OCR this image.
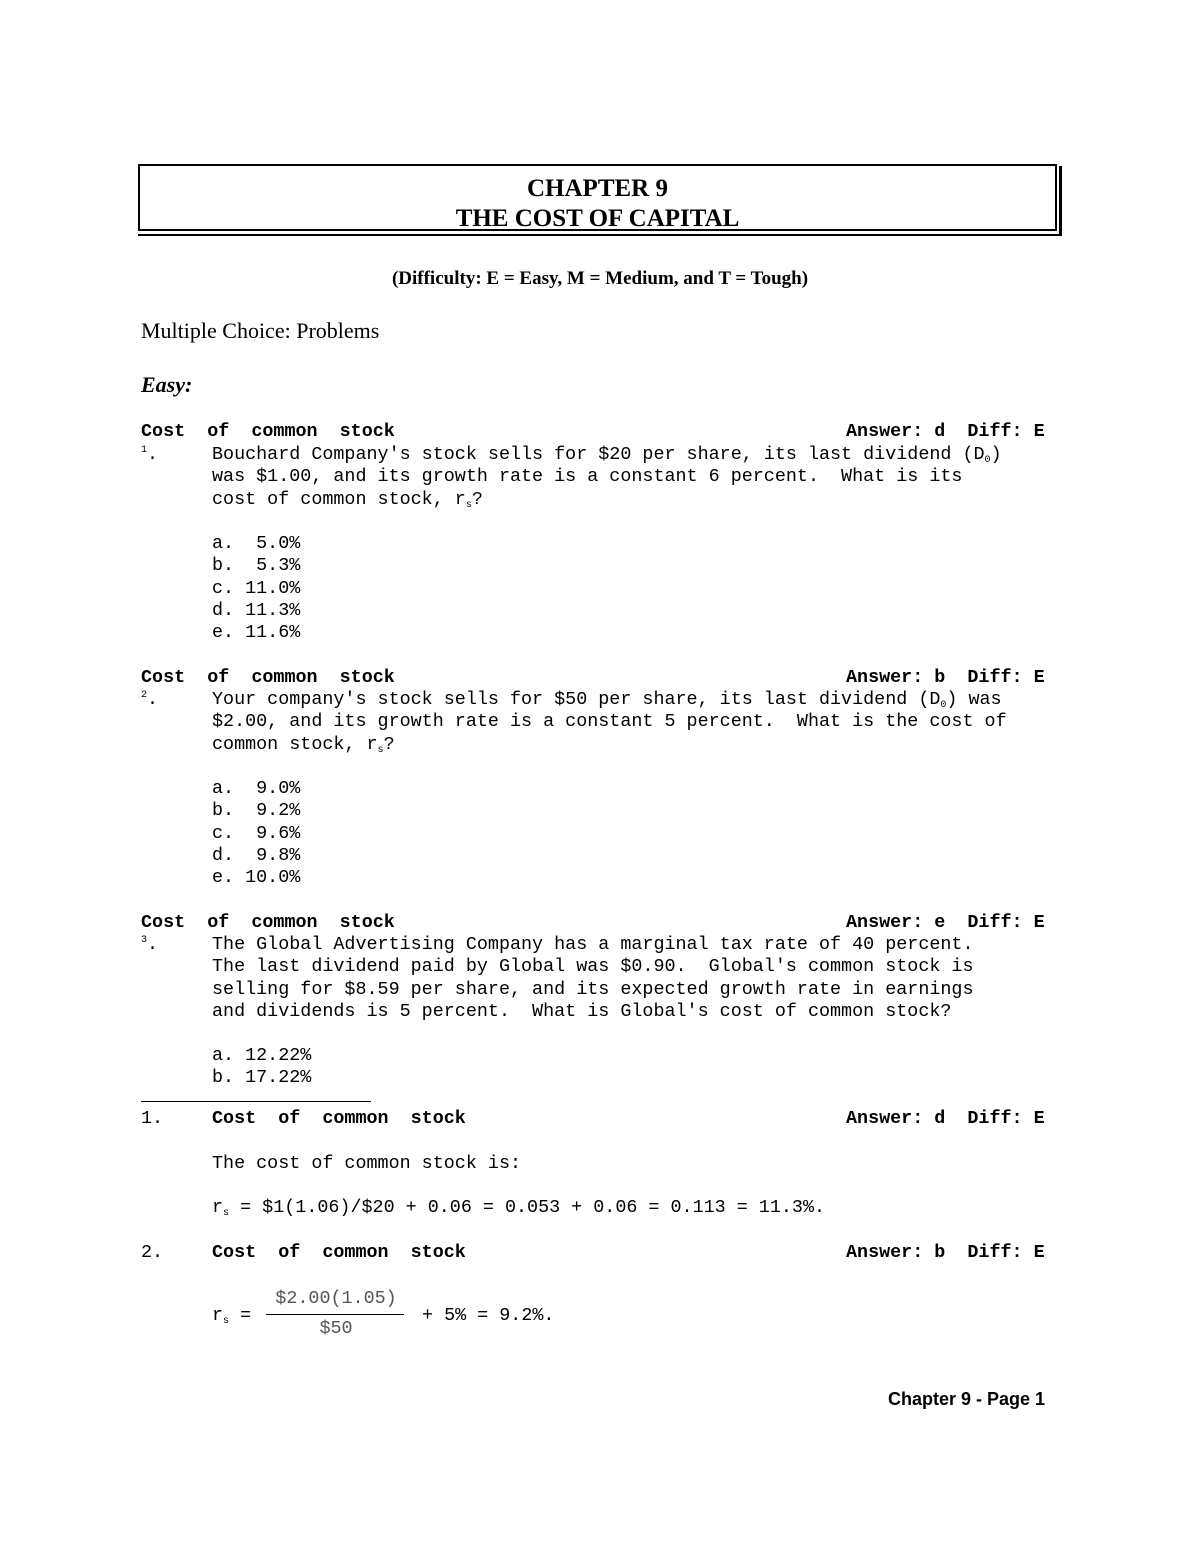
CHAPTER 9
THE COST OF CAPITAL
(Difficulty: E = Easy, M = Medium, and T = Tough)
Multiple Choice: Problems
Easy:
Cost  of  common  stock	Answer: d  Diff: E
$^1$.	Bouchard Company's stock sells for $20 per share, its last dividend $(D_0)$
was $1.00, and its growth rate is a constant 6 percent.  What is its
cost of common stock, $r_s$?
a.  5.0%
b.  5.3%
c. 11.0%
d. 11.3%
e. 11.6%
Cost  of  common  stock	Answer: b  Diff: E
$^2$.	Your company's stock sells for $50 per share, its last dividend $(D_0)$ was
$2.00, and its growth rate is a constant 5 percent.  What is the cost of
common stock, $r_s$?
a.  9.0%
b.  9.2%
c.  9.6%
d.  9.8%
e. 10.0%
Cost  of  common  stock	Answer: e  Diff: E
$^3$.	The Global Advertising Company has a marginal tax rate of 40 percent.
The last dividend paid by Global was $0.90.  Global's common stock is
selling for $8.59 per share, and its expected growth rate in earnings
and dividends is 5 percent.  What is Global's cost of common stock?
a. 12.22%
b. 17.22%
1.	Cost  of  common  stock	Answer: d  Diff: E
The cost of common stock is:
$r_s$ = $1(1.06)/$20 + 0.06 = 0.053 + 0.06 = 0.113 = 11.3%.
2.	Cost  of  common  stock	Answer: b  Diff: E
$r_s$ =
$2.00(1.05)
$50
+ 5% = 9.2%.
Chapter 9 - Page 1
